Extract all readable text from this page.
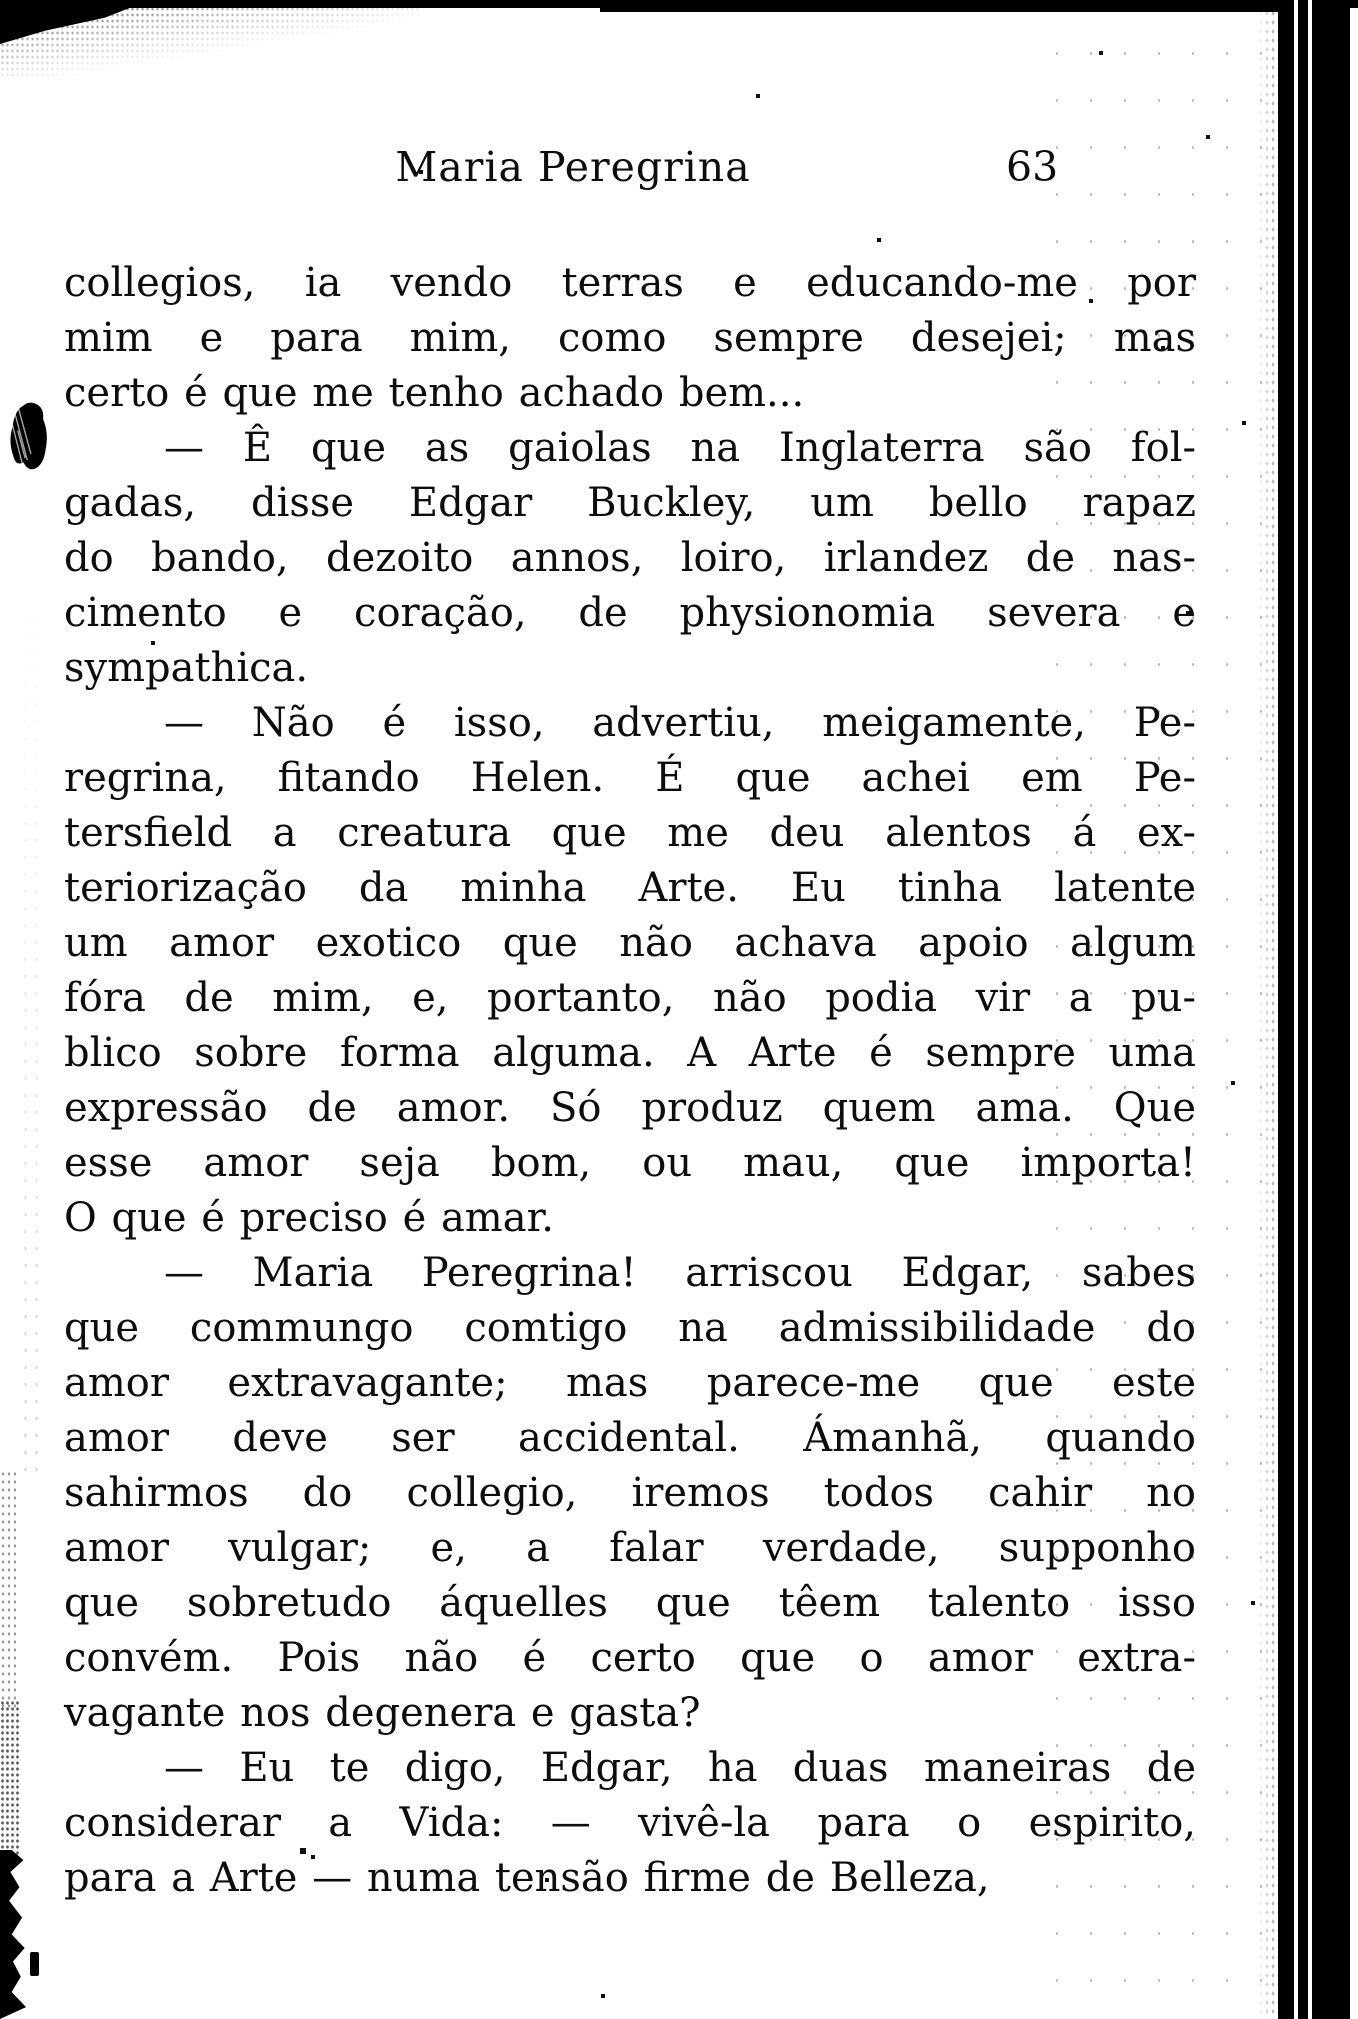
Maria Peregrina	63
collegios, ia vendo terras e educando-me por
mim e para mim, como sempre desejei; mas
certo é que me tenho achado bem...
— Ê que as gaiolas na Inglaterra são fol-
gadas, disse Edgar Buckley, um bello rapaz
do bando, dezoito annos, loiro, irlandez de nas-
cimento e coração, de physionomia severa e
sympathica.
— Não é isso, advertiu, meigamente, Pe-
regrina, fitando Helen. É que achei em Pe-
tersfield a creatura que me deu alentos á ex-
teriorização da minha Arte. Eu tinha latente
um amor exotico que não achava apoio algum
fóra de mim, e, portanto, não podia vir a pu-
blico sobre forma alguma. A Arte é sempre uma
expressão de amor. Só produz quem ama. Que
esse amor seja bom, ou mau, que importa!
O que é preciso é amar.
— Maria Peregrina! arriscou Edgar, sabes
que commungo comtigo na admissibilidade do
amor extravagante; mas parece-me que este
amor deve ser accidental. Ámanhã, quando
sahirmos do collegio, iremos todos cahir no
amor vulgar; e, a falar verdade, supponho
que sobretudo áquelles que têem talento isso
convém. Pois não é certo que o amor extra-
vagante nos degenera e gasta?
— Eu te digo, Edgar, ha duas maneiras de
considerar a Vida: — vivê-la para o espirito,
para a Arte — numa tensão firme de Belleza,
